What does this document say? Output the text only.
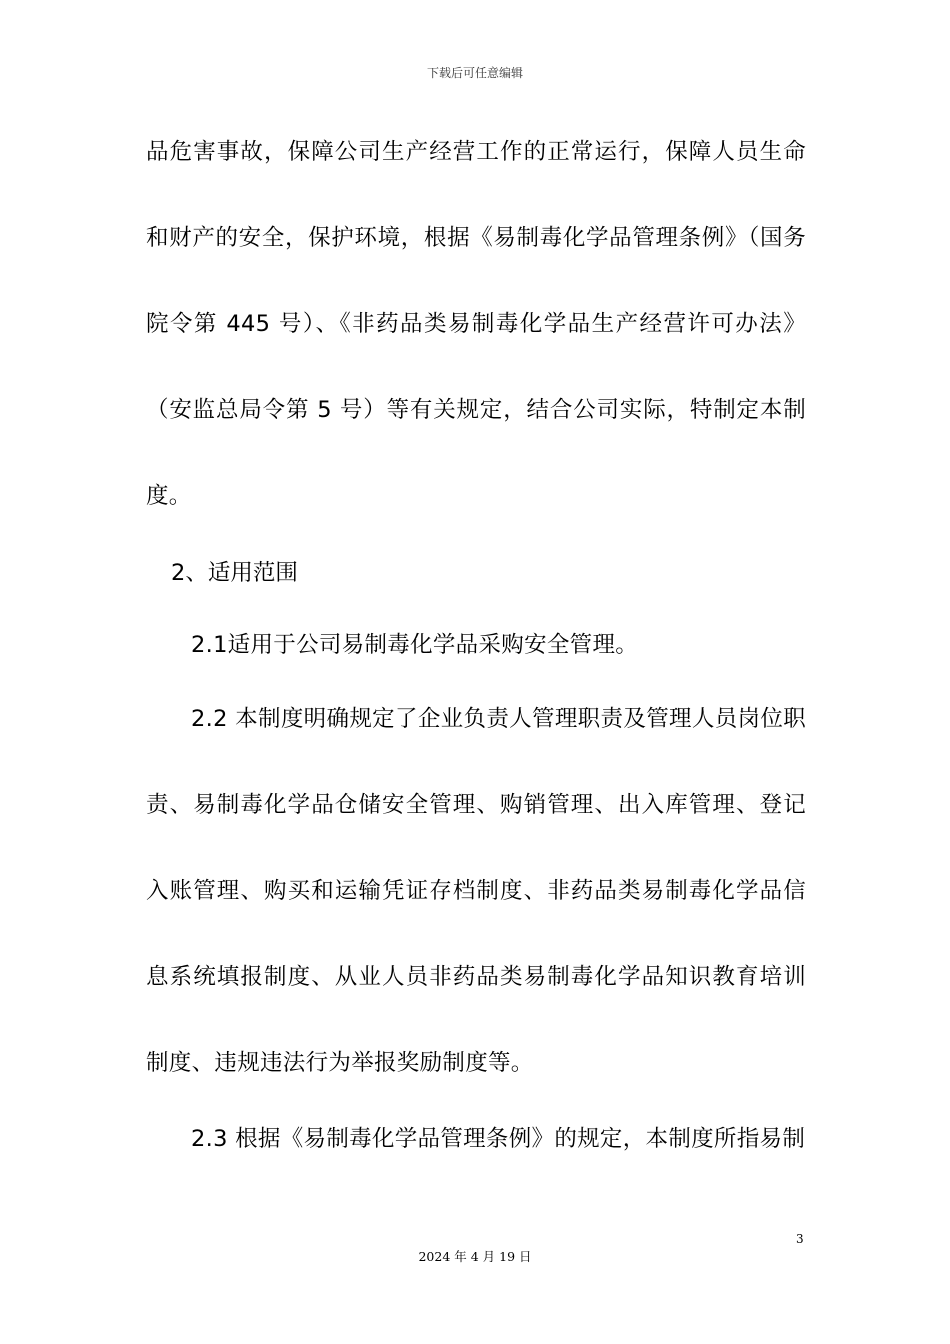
下载后可任意编辑

品危害事故，保障公司生产经营工作的正常运行，保障人员生命和财产的安全，保护环境，根据《易制毒化学品管理条例》（国务院令第 445 号）、《非药品类易制毒化学品生产经营许可办法》（安监总局令第 5 号）等有关规定，结合公司实际，特制定本制度。

2、适用范围

2.1适用于公司易制毒化学品采购安全管理。

2.2 本制度明确规定了企业负责人管理职责及管理人员岗位职责、易制毒化学品仓储安全管理、购销管理、出入库管理、登记入账管理、购买和运输凭证存档制度、非药品类易制毒化学品信息系统填报制度、从业人员非药品类易制毒化学品知识教育培训制度、违规违法行为举报奖励制度等。

2.3 根据《易制毒化学品管理条例》的规定，本制度所指易制

3
2024 年 4 月 19 日
